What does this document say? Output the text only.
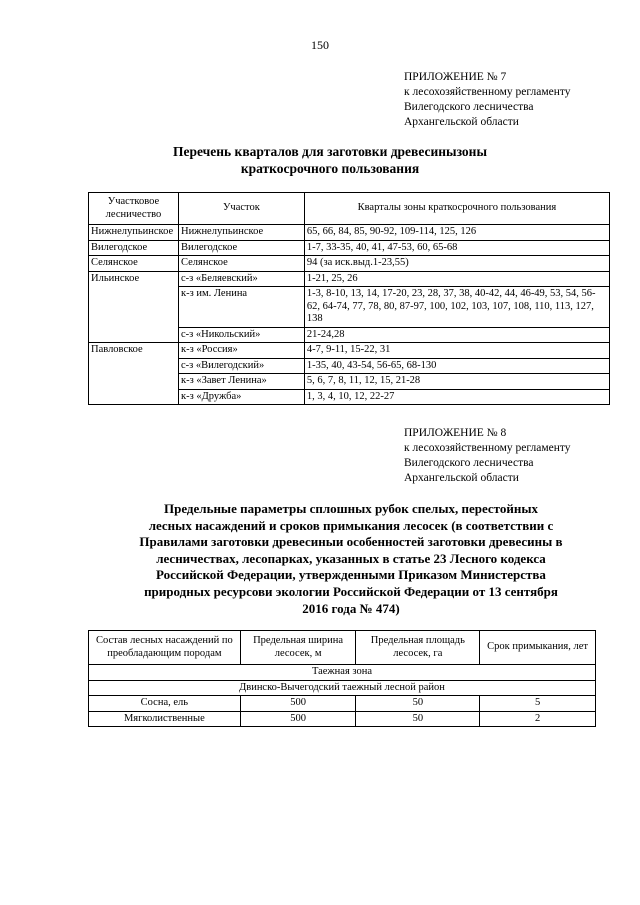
150
ПРИЛОЖЕНИЕ № 7
к лесохозяйственному регламенту
Вилегодского лесничества
Архангельской области
Перечень кварталов для заготовки древесинызоны
краткосрочного пользования
Участковое лесничество	Участок	Кварталы зоны краткосрочного пользования
Нижнелупьинское	Нижнелупьинское	65, 66, 84, 85, 90-92, 109-114, 125, 126
Вилегодское	Вилегодское	1-7, 33-35, 40, 41, 47-53, 60, 65-68
Селянское	Селянское	94 (за иск.выд.1-23,55)
Ильинское	с-з «Беляевский»	1-21, 25, 26
	к-з им. Ленина	1-3, 8-10, 13, 14, 17-20, 23, 28, 37, 38, 40-42, 44, 46-49, 53, 54, 56-62, 64-74, 77, 78, 80, 87-97, 100, 102, 103, 107, 108, 110, 113, 127, 138
	с-з «Никольский»	21-24,28
Павловское	к-з «Россия»	4-7, 9-11, 15-22, 31
	с-з «Вилегодский»	1-35, 40, 43-54, 56-65, 68-130
	к-з «Завет Ленина»	5, 6, 7, 8, 11, 12, 15, 21-28
	к-з «Дружба»	1, 3, 4, 10, 12, 22-27
ПРИЛОЖЕНИЕ № 8
к лесохозяйственному регламенту
Вилегодского лесничества
Архангельской области
Предельные параметры сплошных рубок спелых, перестойных
лесных насаждений и сроков примыкания лесосек (в соответствии с
Правилами заготовки древесиныи особенностей заготовки древесины в
лесничествах, лесопарках, указанных в статье 23 Лесного кодекса
Российской Федерации, утвержденными Приказом Министерства
природных ресурсови экологии Российской Федерации от 13 сентября
2016 года № 474)
Состав лесных насаждений по преобладающим породам	Предельная ширина лесосек, м	Предельная площадь лесосек, га	Срок примыкания, лет
Таежная зона			
Двинско-Вычегодский таежный лесной район			
Сосна, ель	500	50	5
Мягколиственные	500	50	2
